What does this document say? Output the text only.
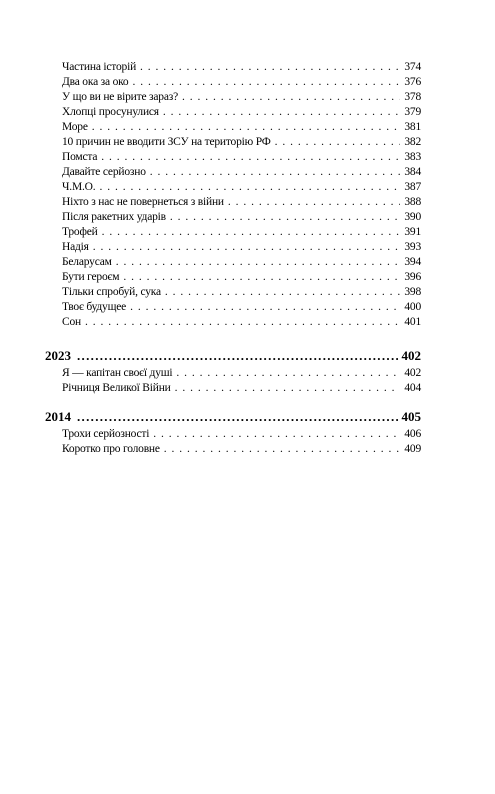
Частина історій . . .	374
Два ока за око . . .	376
У що ви не вірите зараз? . . .	378
Хлопці просунулися . . .	379
Море . . .	381
10 причин не вводити ЗСУ на територію РФ . . .	382
Помста . . .	383
Давайте серйозно . . .	384
Ч.М.О. . . .	387
Ніхто з нас не повернеться з війни . . .	388
Після ракетних ударів . . .	390
Трофей . . .	391
Надія . . .	393
Беларусам . . .	394
Бути героєм . . .	396
Тільки спробуй, сука . . .	398
Твоє будущее . . .	400
Сон . . .	401
2023 .....	402
Я — капітан своєї душі . . .	402
Річниця Великої Війни . . .	404
2014 .....	405
Трохи серйозності . . .	406
Коротко про головне . . .	409
